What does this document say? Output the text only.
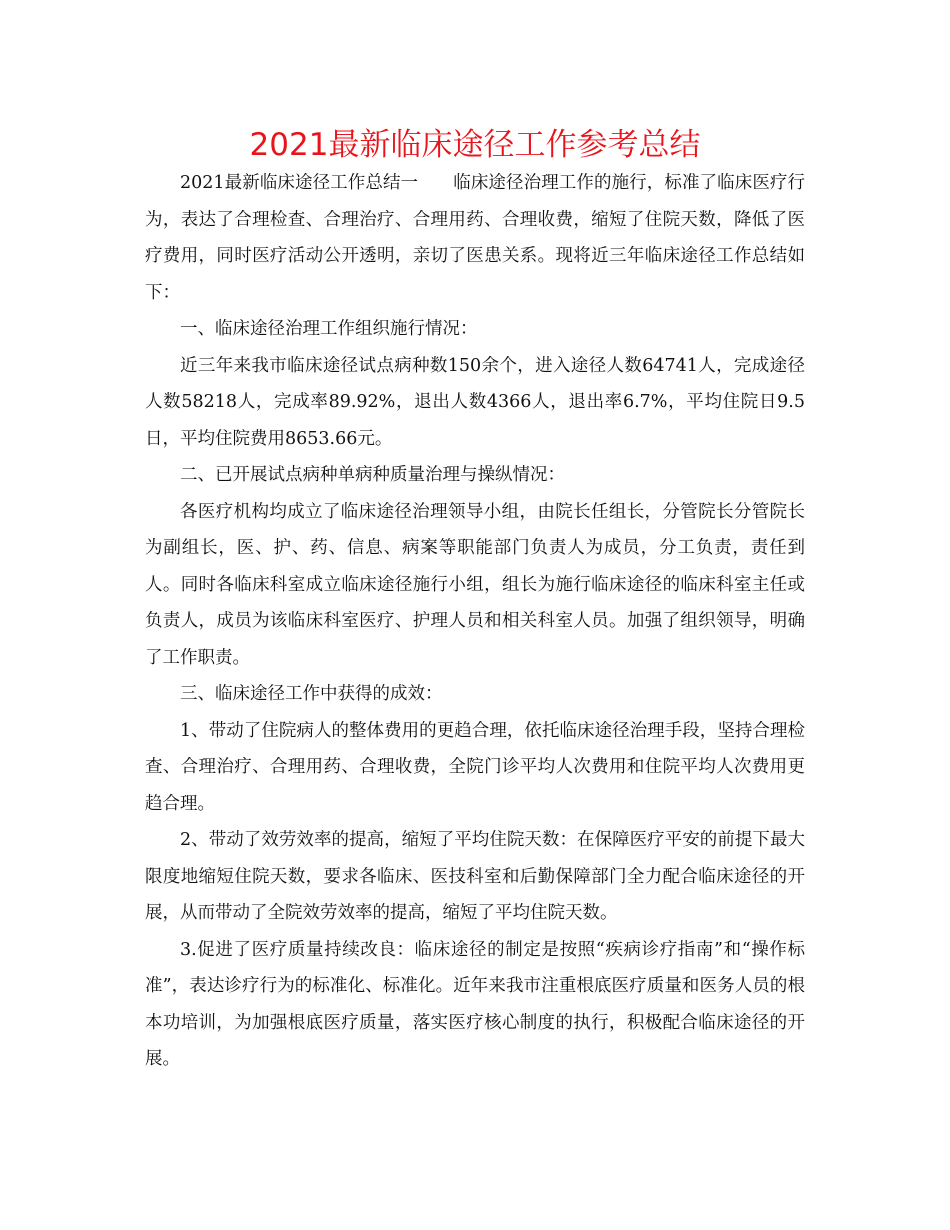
2021最新临床途径工作参考总结

2021最新临床途径工作总结一 临床途径治理工作的施行，标准了临床医疗行为，表达了合理检查、合理治疗、合理用药、合理收费，缩短了住院天数，降低了医疗费用，同时医疗活动公开透明，亲切了医患关系。现将近三年临床途径工作总结如下：

一、临床途径治理工作组织施行情况：

近三年来我市临床途径试点病种数150余个，进入途径人数64741人，完成途径人数58218人，完成率89.92%，退出人数4366人，退出率6.7%，平均住院日9.5日，平均住院费用8653.66元。

二、已开展试点病种单病种质量治理与操纵情况：

各医疗机构均成立了临床途径治理领导小组，由院长任组长，分管院长分管院长为副组长，医、护、药、信息、病案等职能部门负责人为成员，分工负责，责任到人。同时各临床科室成立临床途径施行小组，组长为施行临床途径的临床科室主任或负责人，成员为该临床科室医疗、护理人员和相关科室人员。加强了组织领导，明确了工作职责。

三、临床途径工作中获得的成效：

1、带动了住院病人的整体费用的更趋合理，依托临床途径治理手段，坚持合理检查、合理治疗、合理用药、合理收费，全院门诊平均人次费用和住院平均人次费用更趋合理。

2、带动了效劳效率的提高，缩短了平均住院天数：在保障医疗平安的前提下最大限度地缩短住院天数，要求各临床、医技科室和后勤保障部门全力配合临床途径的开展，从而带动了全院效劳效率的提高，缩短了平均住院天数。

3.促进了医疗质量持续改良：临床途径的制定是按照“疾病诊疗指南”和“操作标准”，表达诊疗行为的标准化、标准化。近年来我市注重根底医疗质量和医务人员的根本功培训，为加强根底医疗质量，落实医疗核心制度的执行，积极配合临床途径的开展。
